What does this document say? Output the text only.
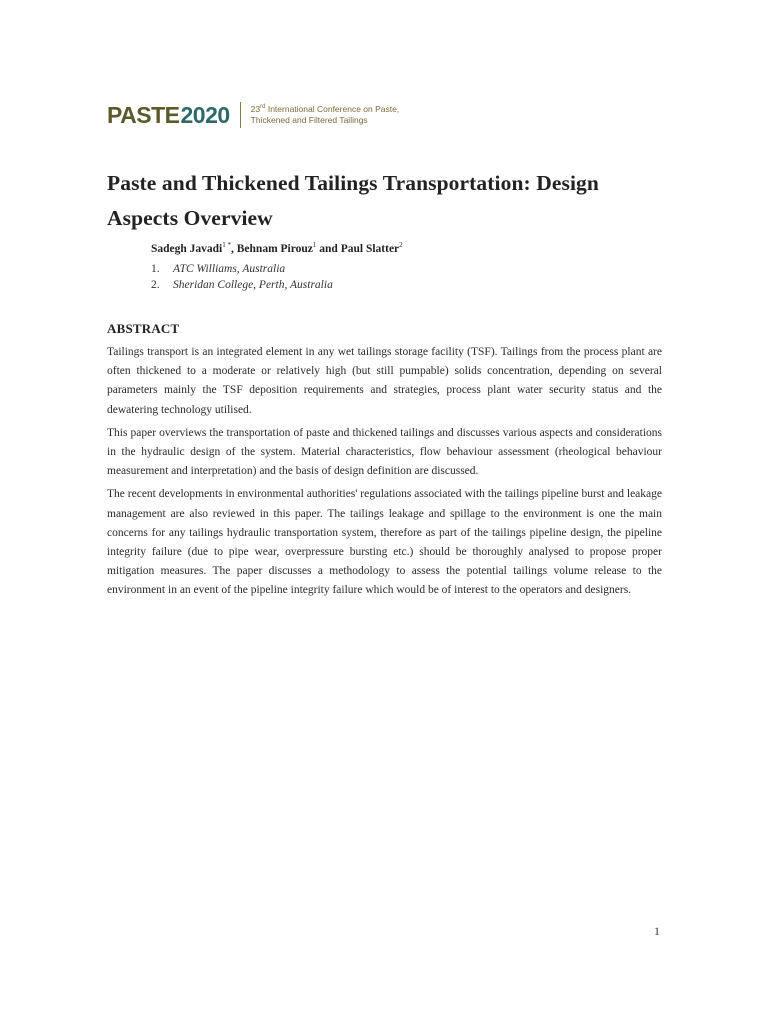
PASTE 2020 23rd International Conference on Paste,
Thickened and Filtered Tailings
Paste and Thickened Tailings Transportation: Design Aspects Overview
Sadegh Javadi$^{1 *}$, Behnam Pirouz$^1$ and Paul Slatter$^2$
1.	ATC Williams, Australia
2.	Sheridan College, Perth, Australia
ABSTRACT

Tailings transport is an integrated element in any wet tailings storage facility (TSF). Tailings from the process plant are often thickened to a moderate or relatively high (but still pumpable) solids concentration, depending on several parameters mainly the TSF deposition requirements and strategies, process plant water security status and the dewatering technology utilised.

This paper overviews the transportation of paste and thickened tailings and discusses various aspects and considerations in the hydraulic design of the system. Material characteristics, flow behaviour assessment (rheological behaviour measurement and interpretation) and the basis of design definition are discussed.

The recent developments in environmental authorities' regulations associated with the tailings pipeline burst and leakage management are also reviewed in this paper. The tailings leakage and spillage to the environment is one the main concerns for any tailings hydraulic transportation system, therefore as part of the tailings pipeline design, the pipeline integrity failure (due to pipe wear, overpressure bursting etc.) should be thoroughly analysed to propose proper mitigation measures. The paper discusses a methodology to assess the potential tailings volume release to the environment in an event of the pipeline integrity failure which would be of interest to the operators and designers.

1
